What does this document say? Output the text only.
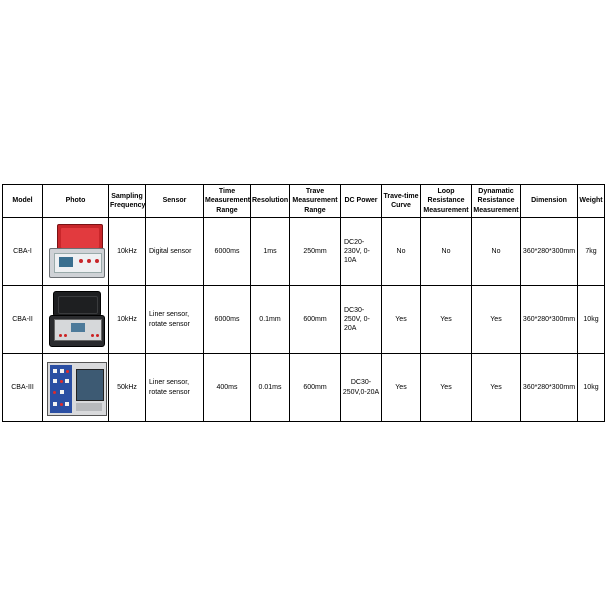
Model	Photo	Sampling Frequency	Sensor	Time Measurement Range	Resolution	Trave Measurement Range	DC Power	Trave-time Curve	Loop Resistance Measurement	Dynamatic Resistance Measurement	Dimension	Weight
CBA-I		10kHz	Digital sensor	6000ms	1ms	250mm	DC20-230V, 0-10A	No	No	No	360*280*300mm	7kg
CBA-II		10kHz	Liner sensor, rotate sensor	6000ms	0.1mm	600mm	DC30-250V, 0-20A	Yes	Yes	Yes	360*280*300mm	10kg
CBA-III		50kHz	Liner sensor, rotate sensor	400ms	0.01ms	600mm	DC30-250V,0-20A	Yes	Yes	Yes	360*280*300mm	10kg
